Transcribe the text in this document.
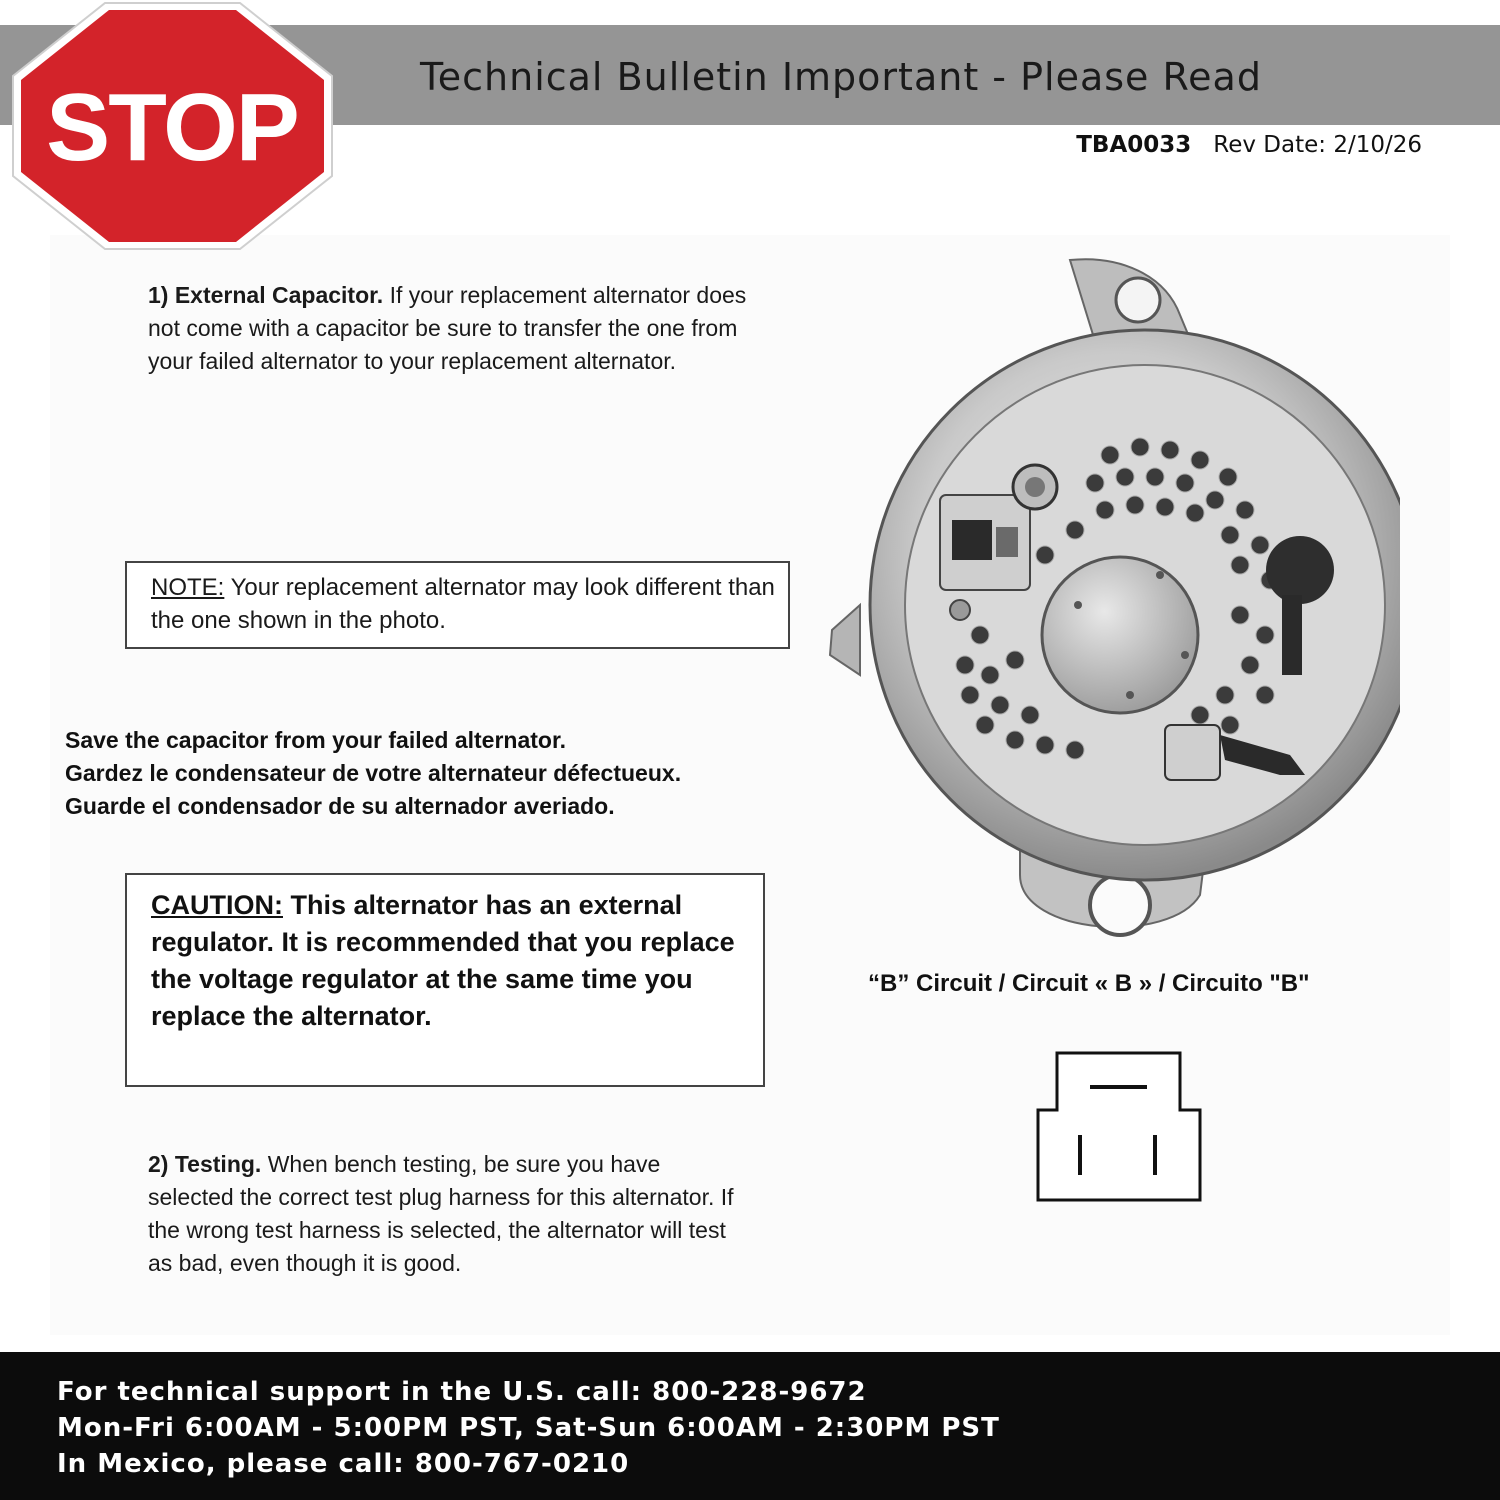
Technical Bulletin Important - Please Read
TBA0033 Rev Date: 2/10/26
STOP
1) External Capacitor. If your replacement alternator does not come with a capacitor be sure to transfer the one from your failed alternator to your replacement alternator.
NOTE: Your replacement alternator may look different than the one shown in the photo.
Save the capacitor from your failed alternator.
Gardez le condensateur de votre alternateur défectueux.
Guarde el condensador de su alternador averiado.
CAUTION: This alternator has an external regulator. It is recommended that you replace the voltage regulator at the same time you replace the alternator.
2) Testing. When bench testing, be sure you have selected the correct test plug harness for this alternator. If the wrong test harness is selected, the alternator will test as bad, even though it is good.
“B” Circuit / Circuit « B » / Circuito "B"
For technical support in the U.S. call: 800-228-9672
Mon-Fri 6:00AM - 5:00PM PST, Sat-Sun 6:00AM - 2:30PM PST
In Mexico, please call: 800-767-0210
